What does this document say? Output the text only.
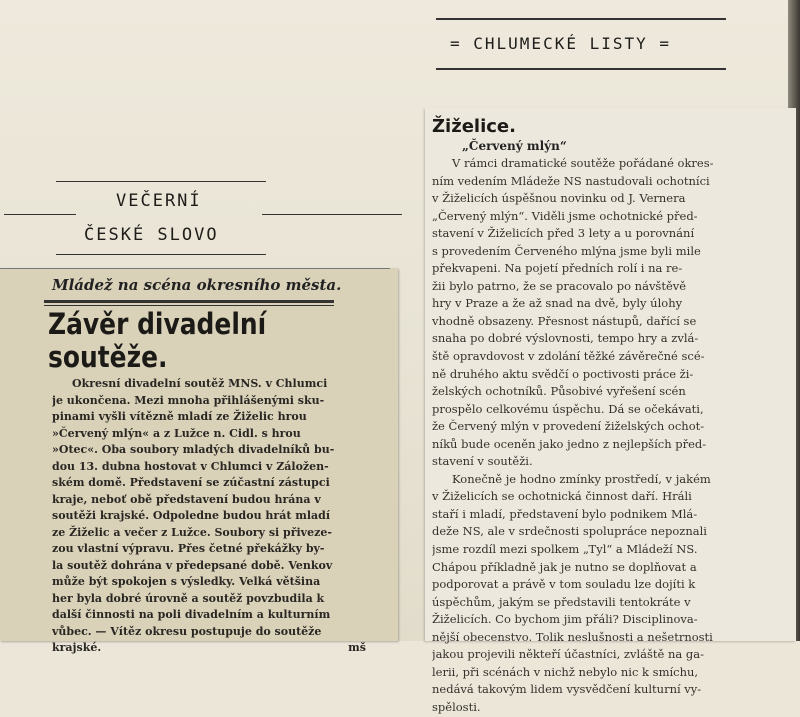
= CHLUMECKÉ LISTY =
VEČERNÍ
ČESKÉ SLOVO
Mládež na scéna okresního města.
Závěr divadelní
soutěže.
Okresní divadelní soutěž MNS. v Chlumci
je ukončena. Mezi mnoha přihlášenými sku-
pinami vyšli vítězně mladí ze Žiželic hrou
»Červený mlýn« a z Lužce n. Cidl. s hrou
»Otec«. Oba soubory mladých divadelníků bu-
dou 13. dubna hostovat v Chlumci v Záložen-
ském domě. Představení se zúčastní zástupci
kraje, neboť obě představení budou hrána v
soutěži krajské. Odpoledne budou hrát mladí
ze Žiželic a večer z Lužce. Soubory si přiveze-
zou vlastní výpravu. Přes četné překážky by-
la soutěž dohrána v předepsané době. Venkov
může být spokojen s výsledky. Velká většina
her byla dobré úrovně a soutěž povzbudila k
další činnosti na poli divadelním a kulturním
vůbec. — Vítěz okresu postupuje do soutěže
krajské.	mš
Žiželice.
„Červený mlýn“
V rámci dramatické soutěže pořádané okres-
ním vedením Mládeže NS nastudovali ochotníci
v Žiželicích úspěšnou novinku od J. Vernera
„Červený mlýn“. Viděli jsme ochotnické před-
stavení v Žiželicích před 3 lety a u porovnání
s provedením Červeného mlýna jsme byli mile
překvapeni. Na pojetí předních rolí i na re-
žii bylo patrno, že se pracovalo po návštěvě
hry v Praze a že až snad na dvě, byly úlohy
vhodně obsazeny. Přesnost nástupů, dařící se
snaha po dobré výslovnosti, tempo hry a zvlá-
ště opravdovost v zdolání těžké závěrečné scé-
ně druhého aktu svědčí o poctivosti práce ži-
želských ochotníků. Působivé vyřešení scén
prospělo celkovému úspěchu. Dá se očekávati,
že Červený mlýn v provedení žiželských ochot-
níků bude oceněn jako jedno z nejlepších před-
stavení v soutěži.
Konečně je hodno zmínky prostředí, v jakém
v Žiželicích se ochotnická činnost daří. Hráli
staří i mladí, představení bylo podnikem Mlá-
deže NS, ale v srdečnosti spolupráce nepoznali
jsme rozdíl mezi spolkem „Tyl“ a Mládeží NS.
Chápou příkladně jak je nutno se doplňovat a
podporovat a právě v tom souladu lze dojíti k
úspěchům, jakým se představili tentokráte v
Žiželicích. Co bychom jim přáli? Disciplinova-
nější obecenstvo. Tolik neslušnosti a nešetrnosti
jakou projevili někteří účastníci, zvláště na ga-
lerii, při scénách v nichž nebylo nic k smíchu,
nedává takovým lidem vysvědčení kulturní vy-
spělosti.
